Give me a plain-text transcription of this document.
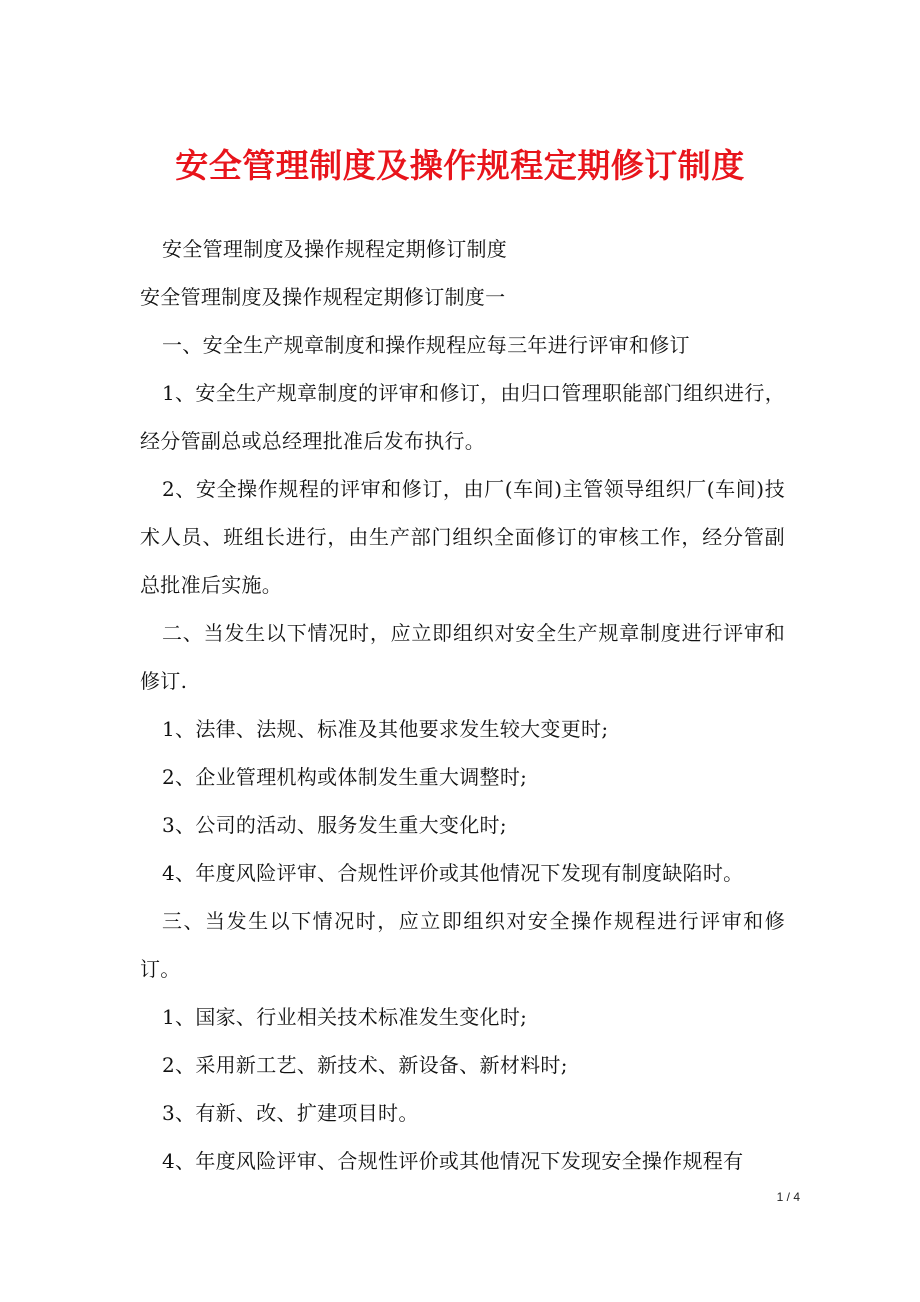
安全管理制度及操作规程定期修订制度

安全管理制度及操作规程定期修订制度

安全管理制度及操作规程定期修订制度一

一、安全生产规章制度和操作规程应每三年进行评审和修订

1、安全生产规章制度的评审和修订，由归口管理职能部门组织进行，经分管副总或总经理批准后发布执行。

2、安全操作规程的评审和修订，由厂(车间)主管领导组织厂(车间)技术人员、班组长进行，由生产部门组织全面修订的审核工作，经分管副总批准后实施。

二、当发生以下情况时，应立即组织对安全生产规章制度进行评审和修订.

1、法律、法规、标准及其他要求发生较大变更时;

2、企业管理机构或体制发生重大调整时;

3、公司的活动、服务发生重大变化时;

4、年度风险评审、合规性评价或其他情况下发现有制度缺陷时。

三、当发生以下情况时，应立即组织对安全操作规程进行评审和修订。

1、国家、行业相关技术标准发生变化时;

2、采用新工艺、新技术、新设备、新材料时;

3、有新、改、扩建项目时。

4、年度风险评审、合规性评价或其他情况下发现安全操作规程有

1 / 4
